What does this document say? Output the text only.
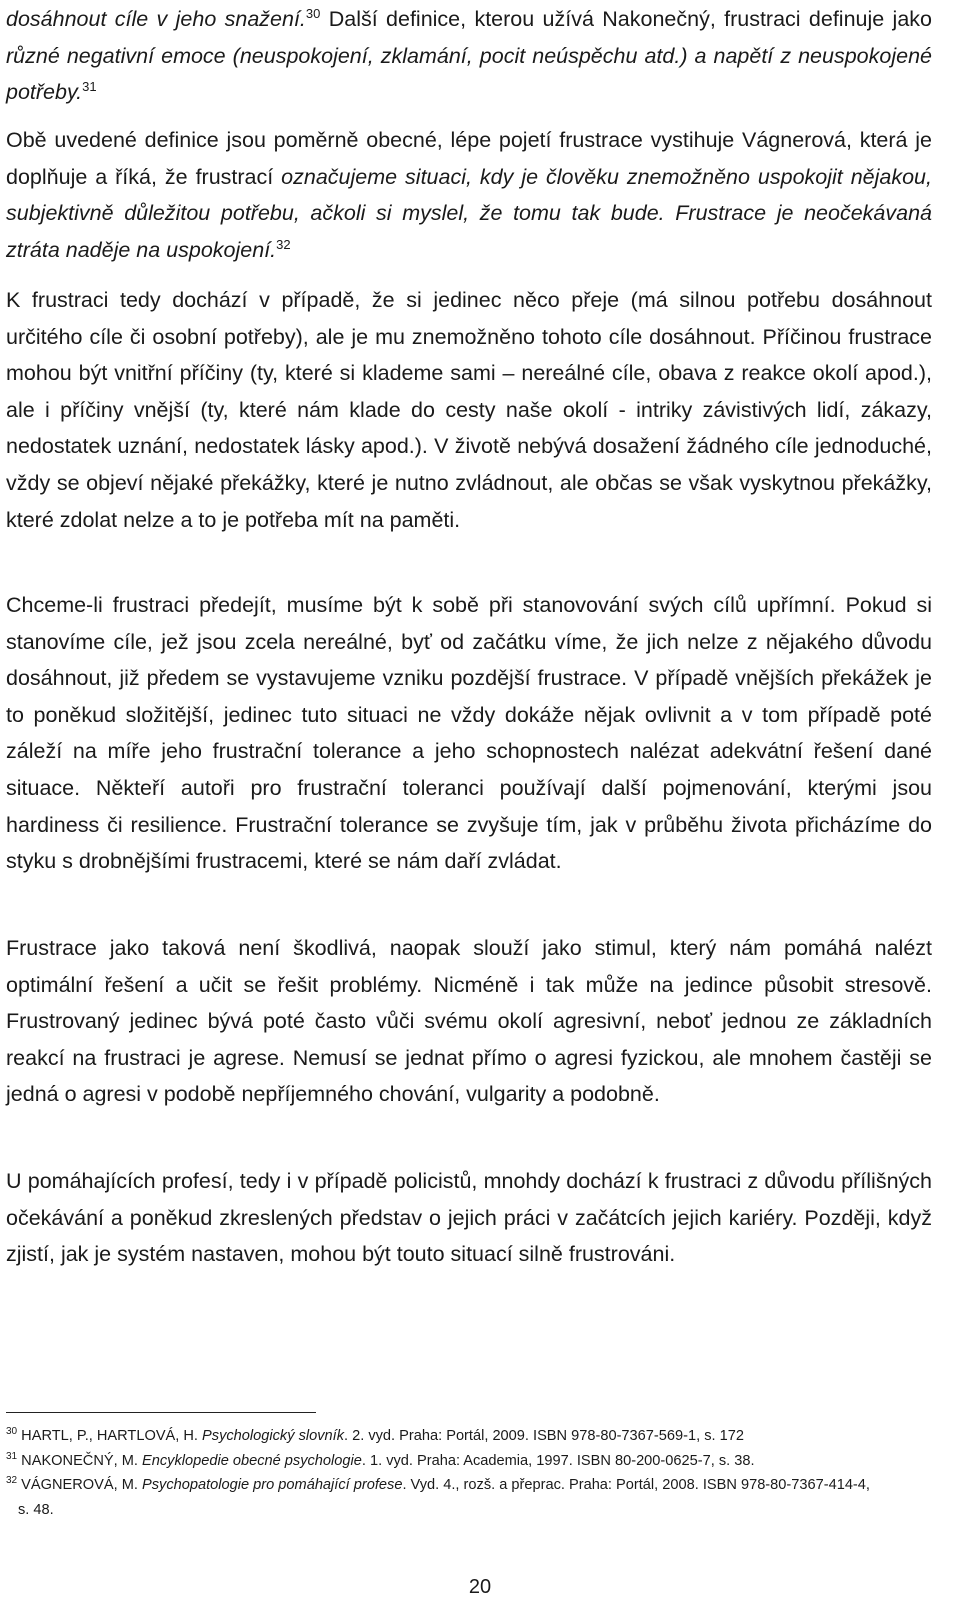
dosáhnout cíle v jeho snažení.$^{30}$ Další definice, kterou užívá Nakonečný, frustraci definuje jako různé negativní emoce (neuspokojení, zklamání, pocit neúspěchu atd.) a napětí z neuspokojené potřeby.$^{31}$

Obě uvedené definice jsou poměrně obecné, lépe pojetí frustrace vystihuje Vágnerová, která je doplňuje a říká, že frustrací označujeme situaci, kdy je člověku znemožněno uspokojit nějakou, subjektivně důležitou potřebu, ačkoli si myslel, že tomu tak bude. Frustrace je neočekávaná ztráta naděje na uspokojení.$^{32}$

K frustraci tedy dochází v případě, že si jedinec něco přeje (má silnou potřebu dosáhnout určitého cíle či osobní potřeby), ale je mu znemožněno tohoto cíle dosáhnout. Příčinou frustrace mohou být vnitřní příčiny (ty, které si klademe sami – nereálné cíle, obava z reakce okolí apod.), ale i příčiny vnější (ty, které nám klade do cesty naše okolí - intriky závistivých lidí, zákazy, nedostatek uznání, nedostatek lásky apod.). V životě nebývá dosažení žádného cíle jednoduché, vždy se objeví nějaké překážky, které je nutno zvládnout, ale občas se však vyskytnou překážky, které zdolat nelze a to je potřeba mít na paměti.

Chceme-li frustraci předejít, musíme být k sobě při stanovování svých cílů upřímní. Pokud si stanovíme cíle, jež jsou zcela nereálné, byť od začátku víme, že jich nelze z nějakého důvodu dosáhnout, již předem se vystavujeme vzniku pozdější frustrace. V případě vnějších překážek je to poněkud složitější, jedinec tuto situaci ne vždy dokáže nějak ovlivnit a v tom případě poté záleží na míře jeho frustrační tolerance a jeho schopnostech nalézat adekvátní řešení dané situace. Někteří autoři pro frustrační toleranci používají další pojmenování, kterými jsou hardiness či resilience. Frustrační tolerance se zvyšuje tím, jak v průběhu života přicházíme do styku s drobnějšími frustracemi, které se nám daří zvládat.

Frustrace jako taková není škodlivá, naopak slouží jako stimul, který nám pomáhá nalézt optimální řešení a učit se řešit problémy. Nicméně i tak může na jedince působit stresově. Frustrovaný jedinec bývá poté často vůči svému okolí agresivní, neboť jednou ze základních reakcí na frustraci je agrese. Nemusí se jednat přímo o agresi fyzickou, ale mnohem častěji se jedná o agresi v podobě nepříjemného chování, vulgarity a podobně.

U pomáhajících profesí, tedy i v případě policistů, mnohdy dochází k frustraci z důvodu přílišných očekávání a poněkud zkreslených představ o jejich práci v začátcích jejich kariéry. Později, když zjistí, jak je systém nastaven, mohou být touto situací silně frustrováni.

$^{30}$ HARTL, P., HARTLOVÁ, H. Psychologický slovník. 2. vyd. Praha: Portál, 2009. ISBN 978-80-7367-569-1, s. 172

$^{31}$ NAKONEČNÝ, M. Encyklopedie obecné psychologie. 1. vyd. Praha: Academia, 1997. ISBN 80-200-0625-7, s. 38.

$^{32}$ VÁGNEROVÁ, M. Psychopatologie pro pomáhající profese. Vyd. 4., rozš. a přeprac. Praha: Portál, 2008. ISBN 978-80-7367-414-4,
s. 48.

20
